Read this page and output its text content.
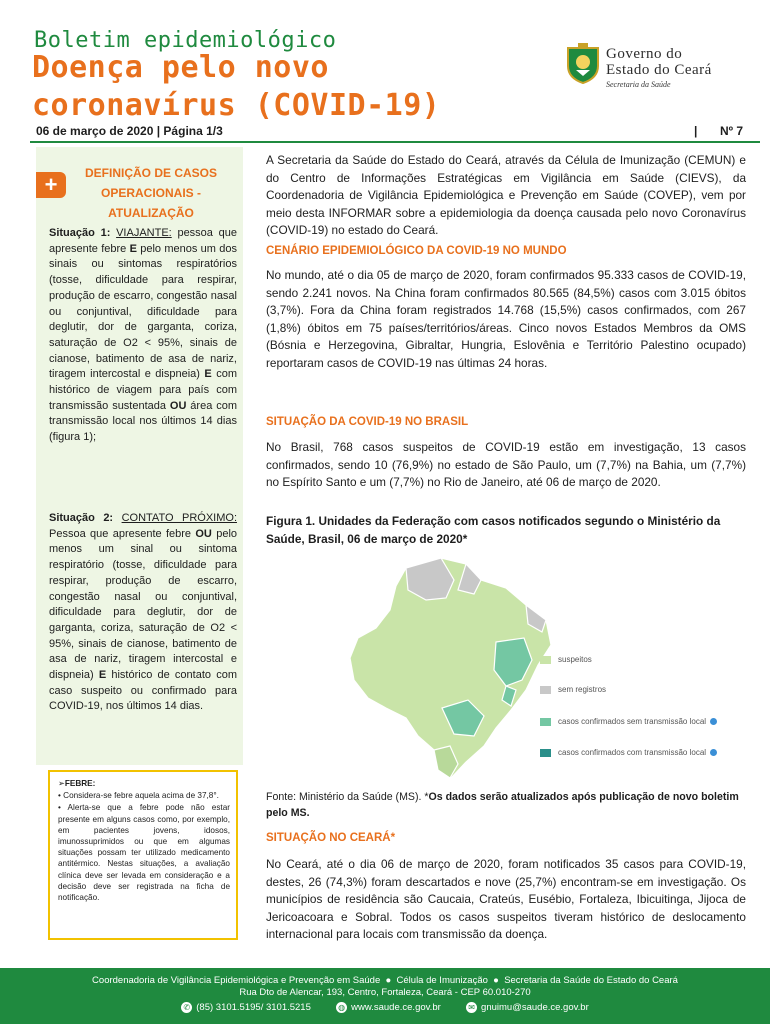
Boletim epidemiológico
Doença pelo novo
coronavírus (COVID-19)
Governo do
Estado do Ceará
Secretaria da Saúde
06 de março de 2020 | Página 1/3	| Nº 7
+	DEFINIÇÃO DE CASOS
OPERACIONAIS -
ATUALIZAÇÃO
Situação 1: VIAJANTE: pessoa que apresente febre E pelo menos um dos sinais ou sintomas respiratórios (tosse, dificuldade para respirar, produção de escarro, congestão nasal ou conjuntival, dificuldade para deglutir, dor de garganta, coriza, saturação de O2 < 95%, sinais de cianose, batimento de asa de nariz, tiragem intercostal e dispneia) E com histórico de viagem para país com transmissão sustentada OU área com transmissão local nos últimos 14 dias (figura 1);
Situação 2: CONTATO PRÓXIMO: Pessoa que apresente febre OU pelo menos um sinal ou sintoma respiratório (tosse, dificuldade para respirar, produção de escarro, congestão nasal ou conjuntival, dificuldade para deglutir, dor de garganta, coriza, saturação de O2 < 95%, sinais de cianose, batimento de asa de nariz, tiragem intercostal e dispneia) E histórico de contato com caso suspeito ou confirmado para COVID-19, nos últimos 14 dias.
➢FEBRE:
• Considera-se febre aquela acima de 37,8°.
• Alerta-se que a febre pode não estar presente em alguns casos como, por exemplo, em pacientes jovens, idosos, imunossuprimidos ou que em algumas situações possam ter utilizado medicamento antitérmico. Nestas situações, a avaliação clínica deve ser levada em consideração e a decisão deve ser registrada na ficha de notificação.
A Secretaria da Saúde do Estado do Ceará, através da Célula de Imunização (CEMUN) e do Centro de Informações Estratégicas em Vigilância em Saúde (CIEVS), da Coordenadoria de Vigilância Epidemiológica e Prevenção em Saúde (COVEP), vem por meio desta INFORMAR sobre a epidemiologia da doença causada pelo novo Coronavírus (COVID-19) no estado do Ceará.
CENÁRIO EPIDEMIOLÓGICO DA COVID-19 NO MUNDO
No mundo, até o dia 05 de março de 2020, foram confirmados 95.333 casos de COVID-19, sendo 2.241 novos. Na China foram confirmados 80.565 (84,5%) casos com 3.015 óbitos (3,7%). Fora da China foram registrados 14.768 (15,5%) casos confirmados, com 267 (1,8%) óbitos em 75 países/territórios/áreas. Cinco novos Estados Membros da OMS (Bósnia e Herzegovina, Gibraltar, Hungria, Eslovênia e Território Palestino ocupado) reportaram casos de COVID-19 nas últimas 24 horas.
SITUAÇÃO DA COVID-19 NO BRASIL
No Brasil, 768 casos suspeitos de COVID-19 estão em investigação, 13 casos confirmados, sendo 10 (76,9%) no estado de São Paulo, um (7,7%) na Bahia, um (7,7%) no Espírito Santo e um (7,7%) no Rio de Janeiro, até 06 de março de 2020.
Figura 1. Unidades da Federação com casos notificados segundo o Ministério da Saúde, Brasil, 06 de março de 2020*
suspeitos
sem registros
casos confirmados sem transmissão local
casos confirmados com transmissão local
Fonte: Ministério da Saúde (MS). *Os dados serão atualizados após publicação de novo boletim pelo MS.
SITUAÇÃO NO CEARÁ*
No Ceará, até o dia 06 de março de 2020, foram notificados 35 casos para COVID-19, destes, 26 (74,3%) foram descartados e nove (25,7%) encontram-se em investigação. Os municípios de residência são Caucaia, Crateús, Eusébio, Fortaleza, Ibicuitinga, Jijoca de Jericoacoara e Sobral. Todos os casos suspeitos tiveram histórico de deslocamento internacional para locais com transmissão da doença.
Coordenadoria de Vigilância Epidemiológica e Prevenção em Saúde  ●  Célula de Imunização  ●  Secretaria da Saúde do Estado do Ceará
Rua Dto de Alencar, 193, Centro, Fortaleza, Ceará - CEP 60.010-270
✆ (85) 3101.5195/ 3101.5215	◍ www.saude.ce.gov.br	✉ gnuimu@saude.ce.gov.br
